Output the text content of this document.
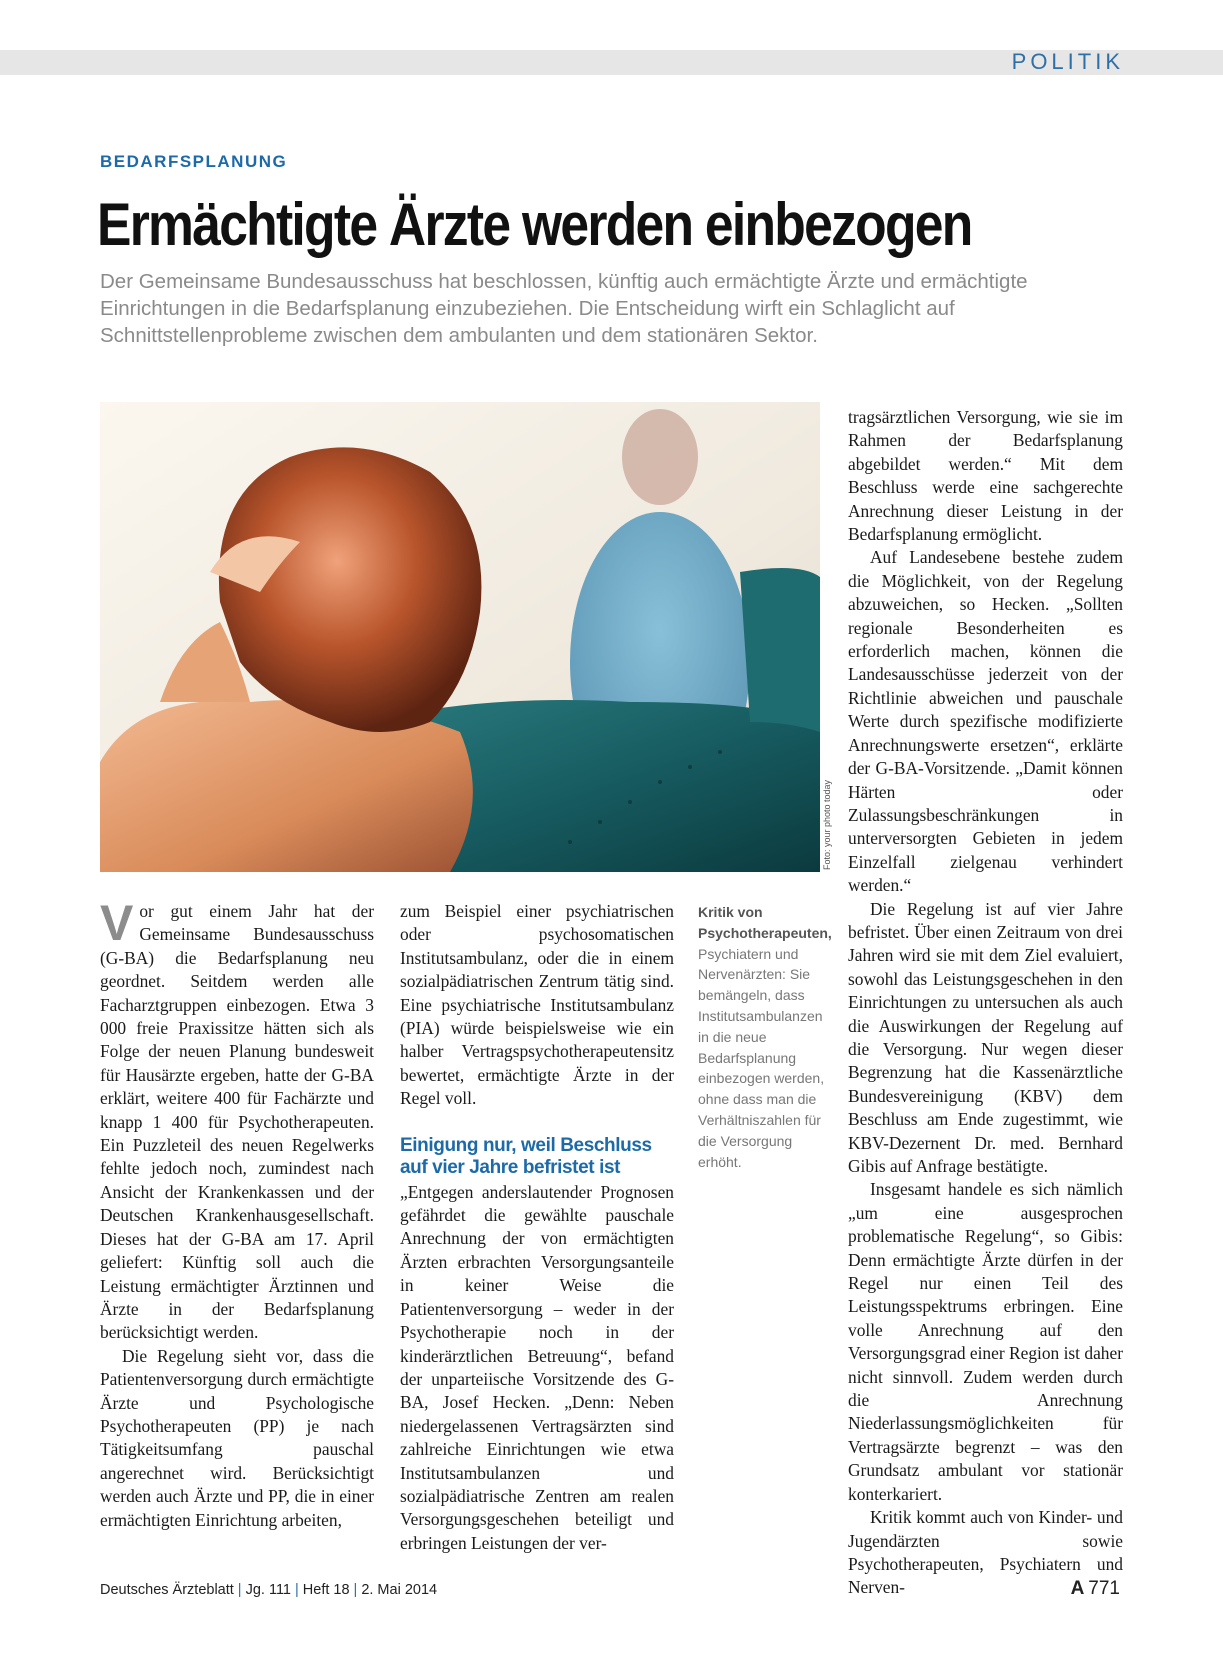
POLITIK
BEDARFSPLANUNG
Ermächtigte Ärzte werden einbezogen

Der Gemeinsame Bundesausschuss hat beschlossen, künftig auch ermächtigte Ärzte und ermächtigte Einrichtungen in die Bedarfsplanung einzubeziehen. Die Entscheidung wirft ein Schlaglicht auf Schnittstellenprobleme zwischen dem ambulanten und dem stationären Sektor.

Foto: your photo today

Vor gut einem Jahr hat der Gemeinsame Bundesausschuss (G-BA) die Bedarfsplanung neu geordnet. Seitdem werden alle Facharztgruppen einbezogen. Etwa 3 000 freie Praxissitze hätten sich als Folge der neuen Planung bundesweit für Hausärzte ergeben, hatte der G-BA erklärt, weitere 400 für Fachärzte und knapp 1 400 für Psychotherapeuten. Ein Puzzleteil des neuen Regelwerks fehlte jedoch noch, zumindest nach Ansicht der Krankenkassen und der Deutschen Krankenhausgesellschaft. Dieses hat der G-BA am 17. April geliefert: Künftig soll auch die Leistung ermächtigter Ärztinnen und Ärzte in der Bedarfsplanung berücksichtigt werden.

Die Regelung sieht vor, dass die Patientenversorgung durch ermächtigte Ärzte und Psychologische Psychotherapeuten (PP) je nach Tätigkeitsumfang pauschal angerechnet wird. Berücksichtigt werden auch Ärzte und PP, die in einer ermächtigten Einrichtung arbeiten,

zum Beispiel einer psychiatrischen oder psychosomatischen Institutsambulanz, oder die in einem sozialpädiatrischen Zentrum tätig sind. Eine psychiatrische Institutsambulanz (PIA) würde beispielsweise wie ein halber Vertragspsychotherapeutensitz bewertet, ermächtigte Ärzte in der Regel voll.

Einigung nur, weil Beschluss auf vier Jahre befristet ist

„Entgegen anderslautender Prognosen gefährdet die gewählte pauschale Anrechnung der von ermächtigten Ärzten erbrachten Versorgungsanteile in keiner Weise die Patientenversorgung – weder in der Psychotherapie noch in der kinderärztlichen Betreuung“, befand der unparteiische Vorsitzende des G-BA, Josef Hecken. „Denn: Neben niedergelassenen Vertragsärzten sind zahlreiche Einrichtungen wie etwa Institutsambulanzen und sozialpädiatrische Zentren am realen Versorgungsgeschehen beteiligt und erbringen Leistungen der ver-

Kritik von Psychotherapeuten, Psychiatern und Nervenärzten: Sie bemängeln, dass Institutsambulanzen in die neue Bedarfsplanung einbezogen werden, ohne dass man die Verhältniszahlen für die Versorgung erhöht.

tragsärztlichen Versorgung, wie sie im Rahmen der Bedarfsplanung abgebildet werden.“ Mit dem Beschluss werde eine sachgerechte Anrechnung dieser Leistung in der Bedarfsplanung ermöglicht.

Auf Landesebene bestehe zudem die Möglichkeit, von der Regelung abzuweichen, so Hecken. „Sollten regionale Besonderheiten es erforderlich machen, können die Landesausschüsse jederzeit von der Richtlinie abweichen und pauschale Werte durch spezifische modifizierte Anrechnungswerte ersetzen“, erklärte der G-BA-Vorsitzende. „Damit können Härten oder Zulassungsbeschränkungen in unterversorgten Gebieten in jedem Einzelfall zielgenau verhindert werden.“

Die Regelung ist auf vier Jahre befristet. Über einen Zeitraum von drei Jahren wird sie mit dem Ziel evaluiert, sowohl das Leistungsgeschehen in den Einrichtungen zu untersuchen als auch die Auswirkungen der Regelung auf die Versorgung. Nur wegen dieser Begrenzung hat die Kassenärztliche Bundesvereinigung (KBV) dem Beschluss am Ende zugestimmt, wie KBV-Dezernent Dr. med. Bernhard Gibis auf Anfrage bestätigte.

Insgesamt handele es sich nämlich „um eine ausgesprochen problematische Regelung“, so Gibis: Denn ermächtigte Ärzte dürfen in der Regel nur einen Teil des Leistungsspektrums erbringen. Eine volle Anrechnung auf den Versorgungsgrad einer Region ist daher nicht sinnvoll. Zudem werden durch die Anrechnung Niederlassungsmöglichkeiten für Vertragsärzte begrenzt – was den Grundsatz ambulant vor stationär konterkariert.

Kritik kommt auch von Kinder- und Jugendärzten sowie Psychotherapeuten, Psychiatern und Nerven-

Deutsches Ärzteblatt | Jg. 111 | Heft 18 | 2. Mai 2014	A 771
